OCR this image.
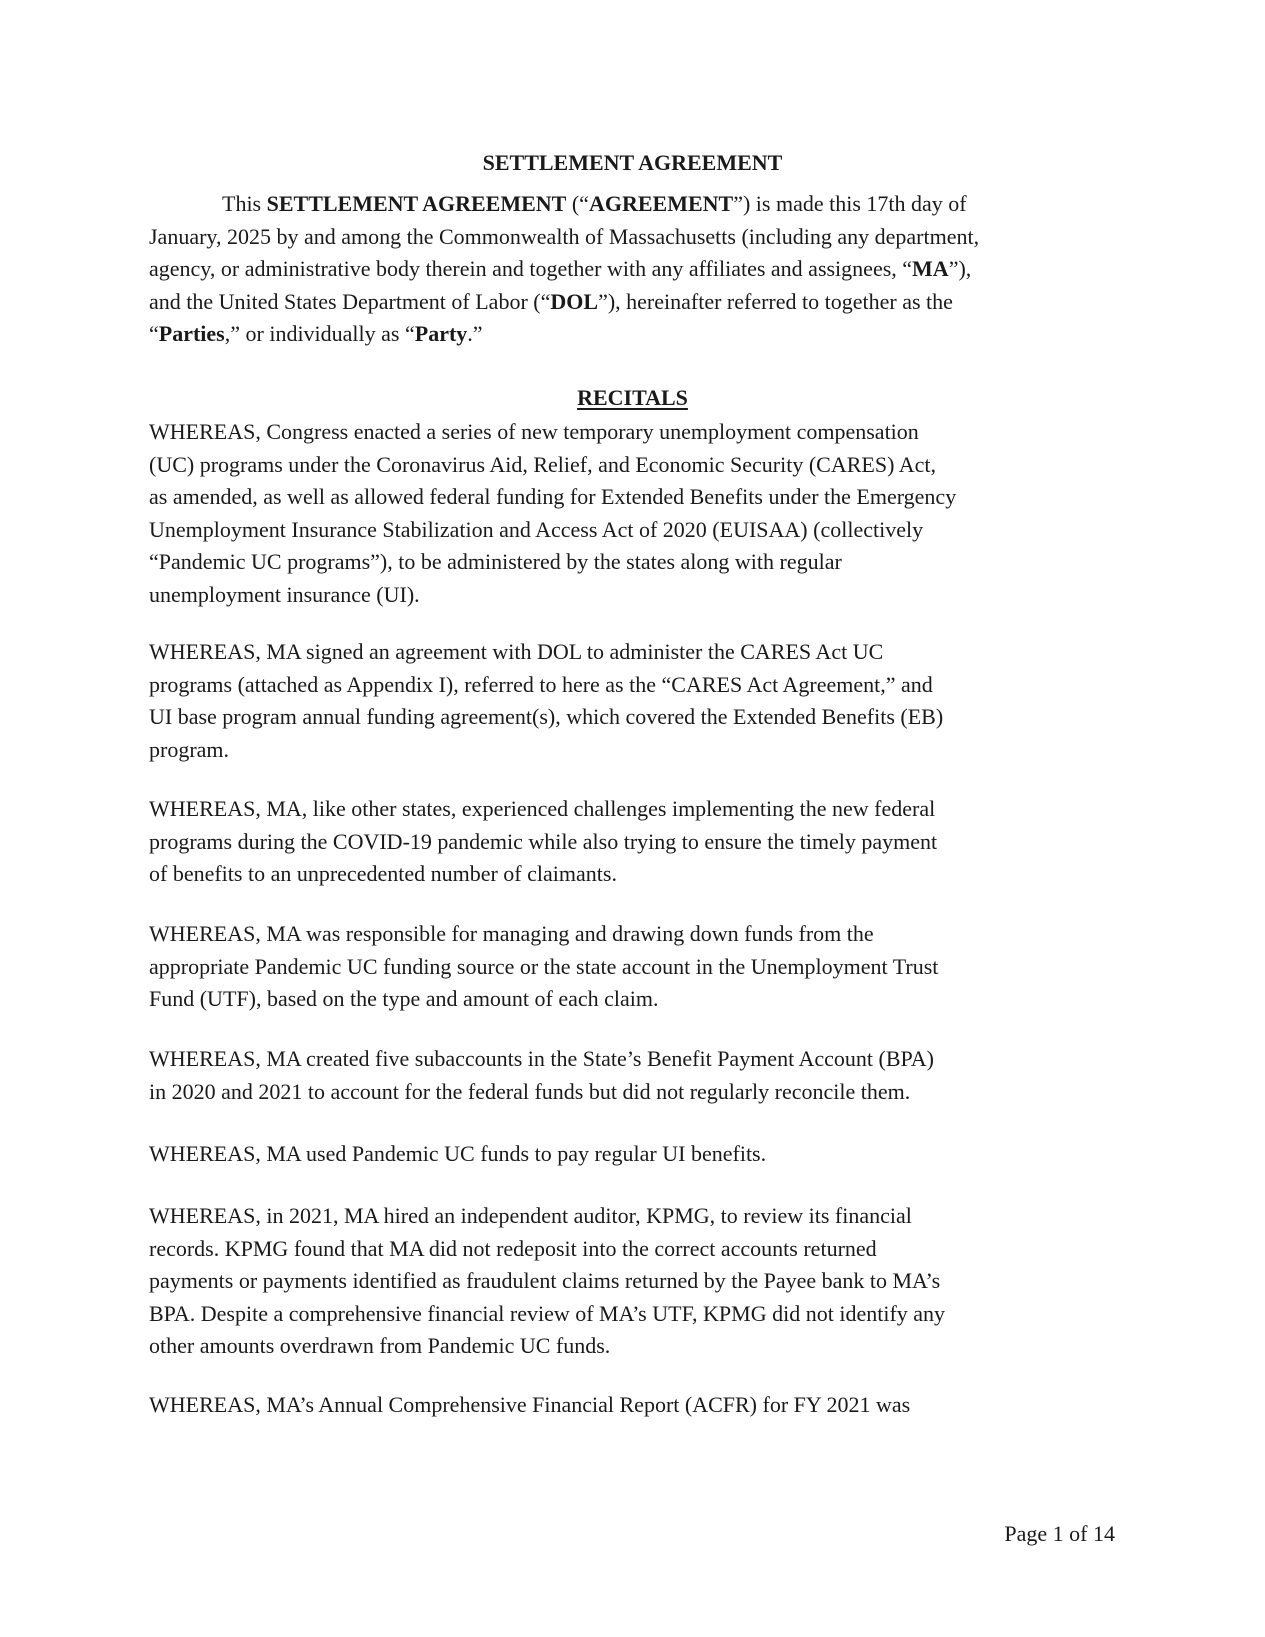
SETTLEMENT AGREEMENT
This SETTLEMENT AGREEMENT (“AGREEMENT”) is made this 17th day of
January, 2025 by and among the Commonwealth of Massachusetts (including any department,
agency, or administrative body therein and together with any affiliates and assignees, “MA”),
and the United States Department of Labor (“DOL”), hereinafter referred to together as the
“Parties,” or individually as “Party.”
RECITALS
WHEREAS, Congress enacted a series of new temporary unemployment compensation
(UC) programs under the Coronavirus Aid, Relief, and Economic Security (CARES) Act,
as amended, as well as allowed federal funding for Extended Benefits under the Emergency
Unemployment Insurance Stabilization and Access Act of 2020 (EUISAA) (collectively
“Pandemic UC programs”), to be administered by the states along with regular
unemployment insurance (UI).
WHEREAS, MA signed an agreement with DOL to administer the CARES Act UC
programs (attached as Appendix I), referred to here as the “CARES Act Agreement,” and
UI base program annual funding agreement(s), which covered the Extended Benefits (EB)
program.
WHEREAS, MA, like other states, experienced challenges implementing the new federal
programs during the COVID-19 pandemic while also trying to ensure the timely payment
of benefits to an unprecedented number of claimants.
WHEREAS, MA was responsible for managing and drawing down funds from the
appropriate Pandemic UC funding source or the state account in the Unemployment Trust
Fund (UTF), based on the type and amount of each claim.
WHEREAS, MA created five subaccounts in the State’s Benefit Payment Account (BPA)
in 2020 and 2021 to account for the federal funds but did not regularly reconcile them.
WHEREAS, MA used Pandemic UC funds to pay regular UI benefits.
WHEREAS, in 2021, MA hired an independent auditor, KPMG, to review its financial
records. KPMG found that MA did not redeposit into the correct accounts returned
payments or payments identified as fraudulent claims returned by the Payee bank to MA’s
BPA. Despite a comprehensive financial review of MA’s UTF, KPMG did not identify any
other amounts overdrawn from Pandemic UC funds.
WHEREAS, MA’s Annual Comprehensive Financial Report (ACFR) for FY 2021 was
Page 1 of 14
